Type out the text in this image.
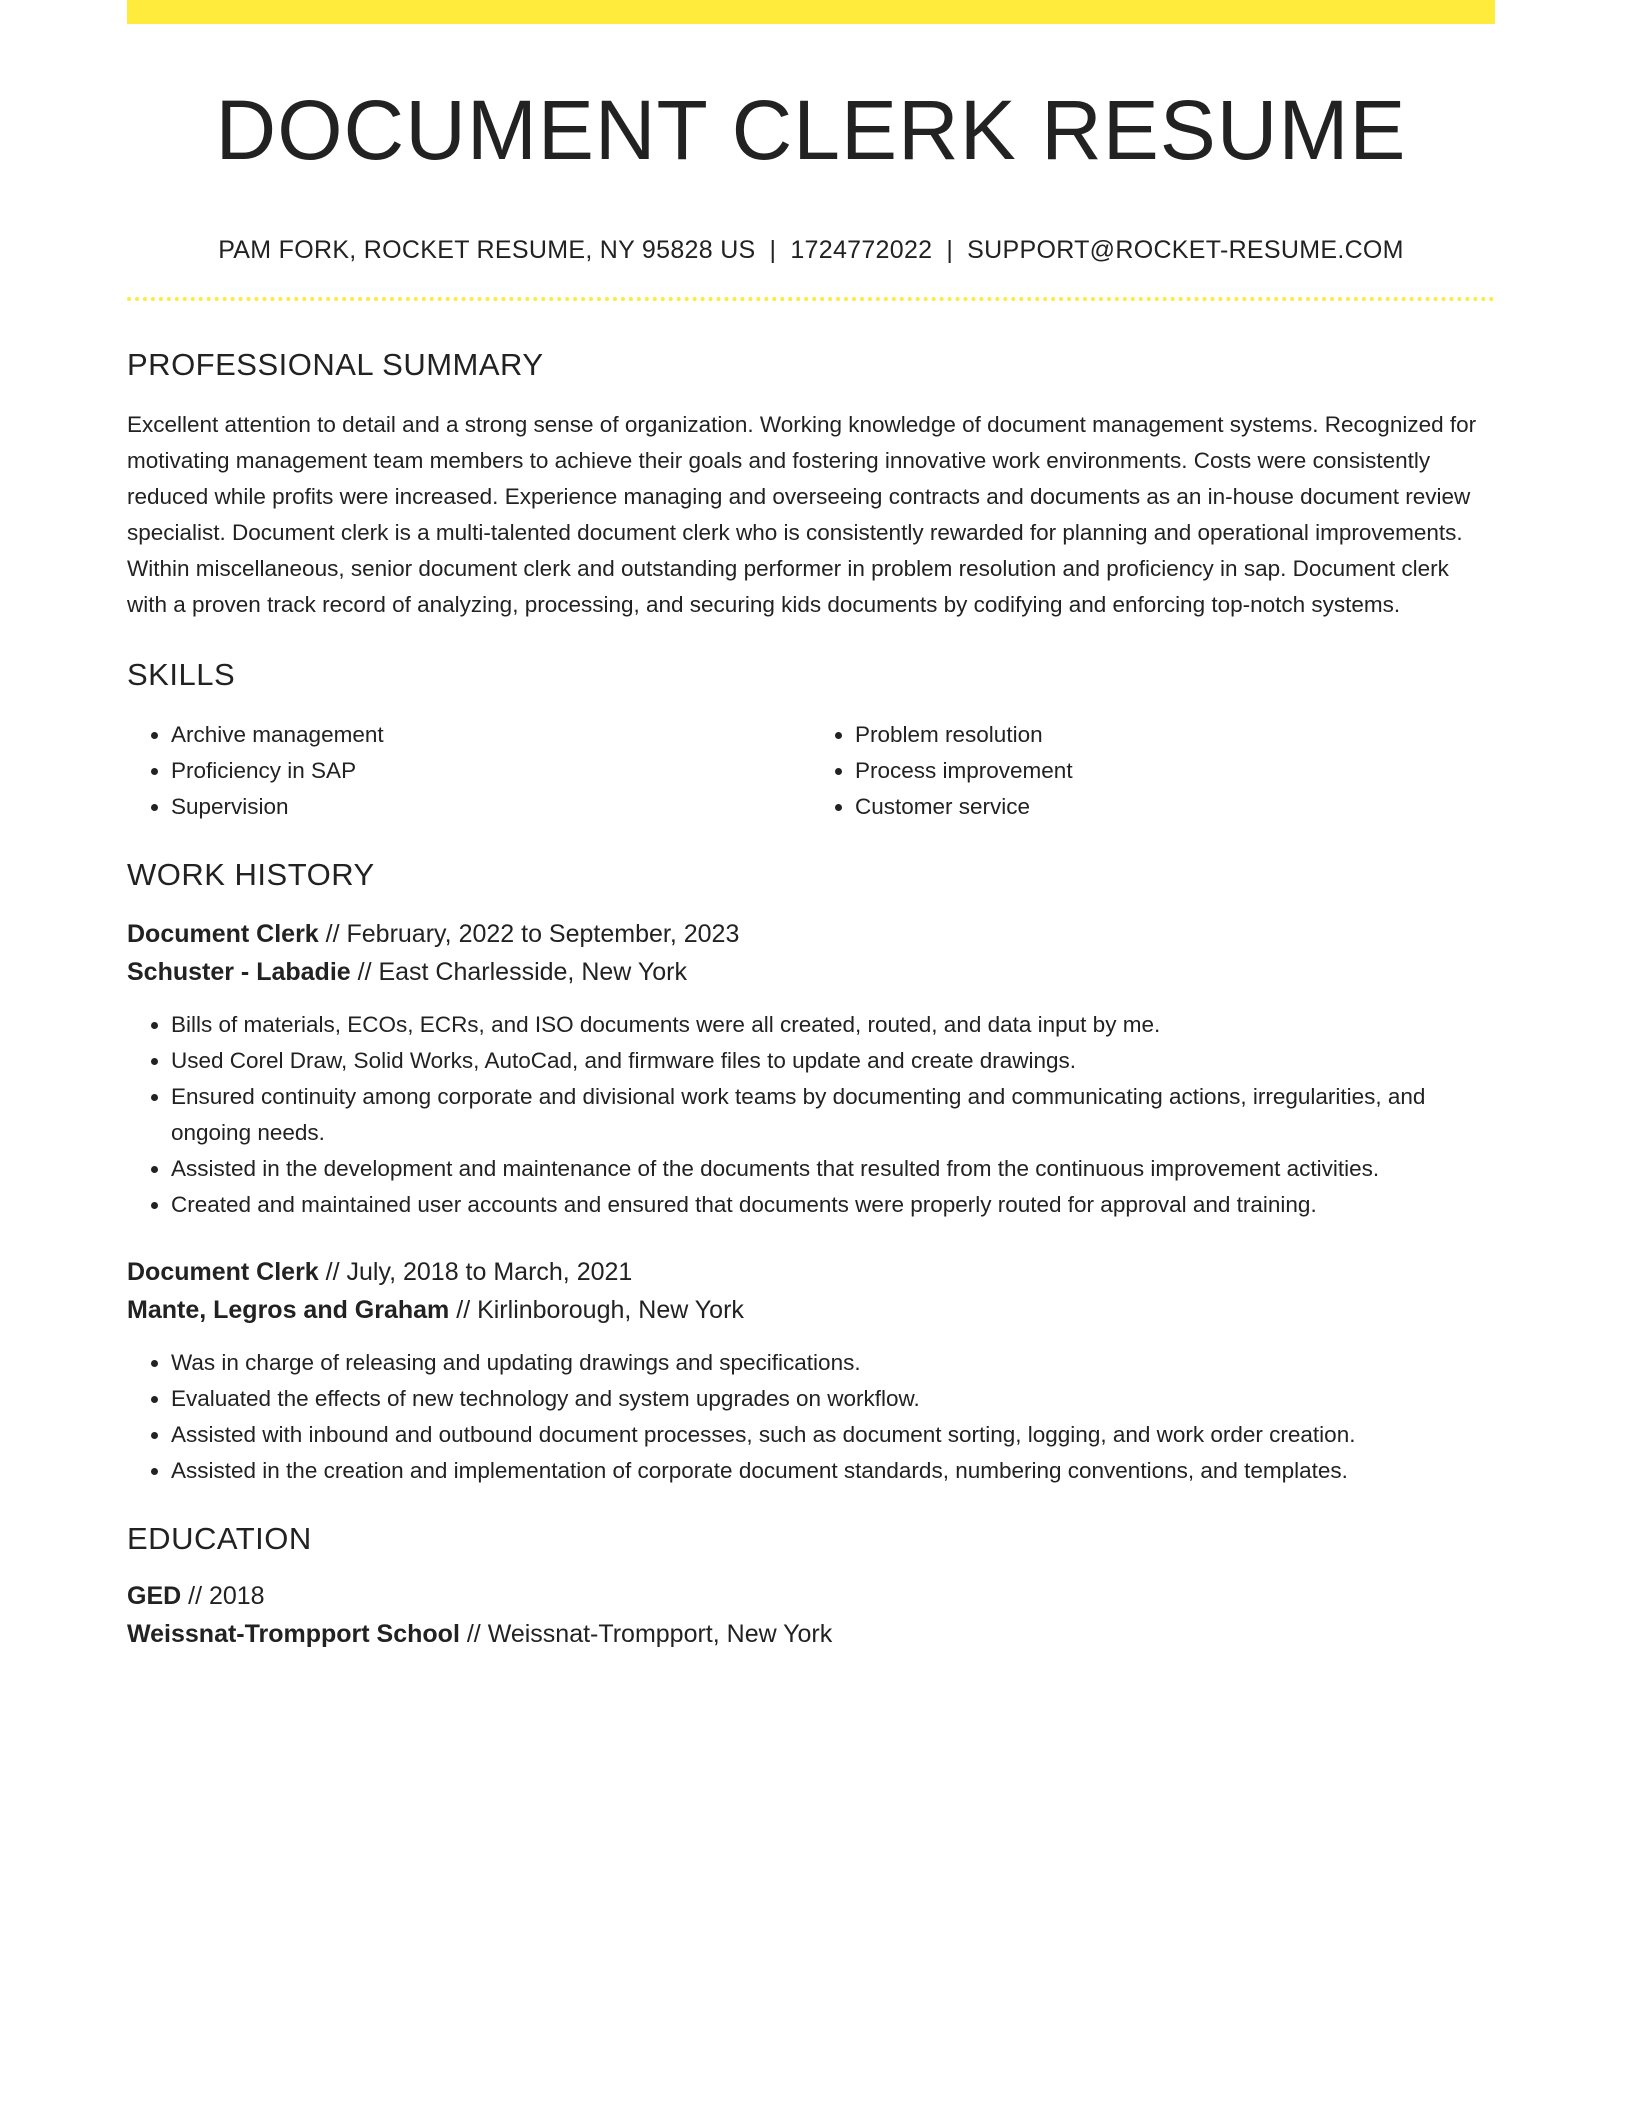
DOCUMENT CLERK RESUME
PAM FORK, ROCKET RESUME, NY 95828 US | 1724772022 | SUPPORT@ROCKET-RESUME.COM
PROFESSIONAL SUMMARY

Excellent attention to detail and a strong sense of organization. Working knowledge of document management systems. Recognized for motivating management team members to achieve their goals and fostering innovative work environments. Costs were consistently reduced while profits were increased. Experience managing and overseeing contracts and documents as an in-house document review specialist. Document clerk is a multi-talented document clerk who is consistently rewarded for planning and operational improvements. Within miscellaneous, senior document clerk and outstanding performer in problem resolution and proficiency in sap. Document clerk with a proven track record of analyzing, processing, and securing kids documents by codifying and enforcing top-notch systems.

SKILLS
• Archive management
• Proficiency in SAP
• Supervision
• Problem resolution
• Process improvement
• Customer service
WORK HISTORY
Document Clerk // February, 2022 to September, 2023
Schuster - Labadie // East Charlesside, New York
• Bills of materials, ECOs, ECRs, and ISO documents were all created, routed, and data input by me.
• Used Corel Draw, Solid Works, AutoCad, and firmware files to update and create drawings.
• Ensured continuity among corporate and divisional work teams by documenting and communicating actions, irregularities, and ongoing needs.
• Assisted in the development and maintenance of the documents that resulted from the continuous improvement activities.
• Created and maintained user accounts and ensured that documents were properly routed for approval and training.
Document Clerk // July, 2018 to March, 2021
Mante, Legros and Graham // Kirlinborough, New York
• Was in charge of releasing and updating drawings and specifications.
• Evaluated the effects of new technology and system upgrades on workflow.
• Assisted with inbound and outbound document processes, such as document sorting, logging, and work order creation.
• Assisted in the creation and implementation of corporate document standards, numbering conventions, and templates.
EDUCATION
GED // 2018
Weissnat-Trompport School // Weissnat-Trompport, New York
